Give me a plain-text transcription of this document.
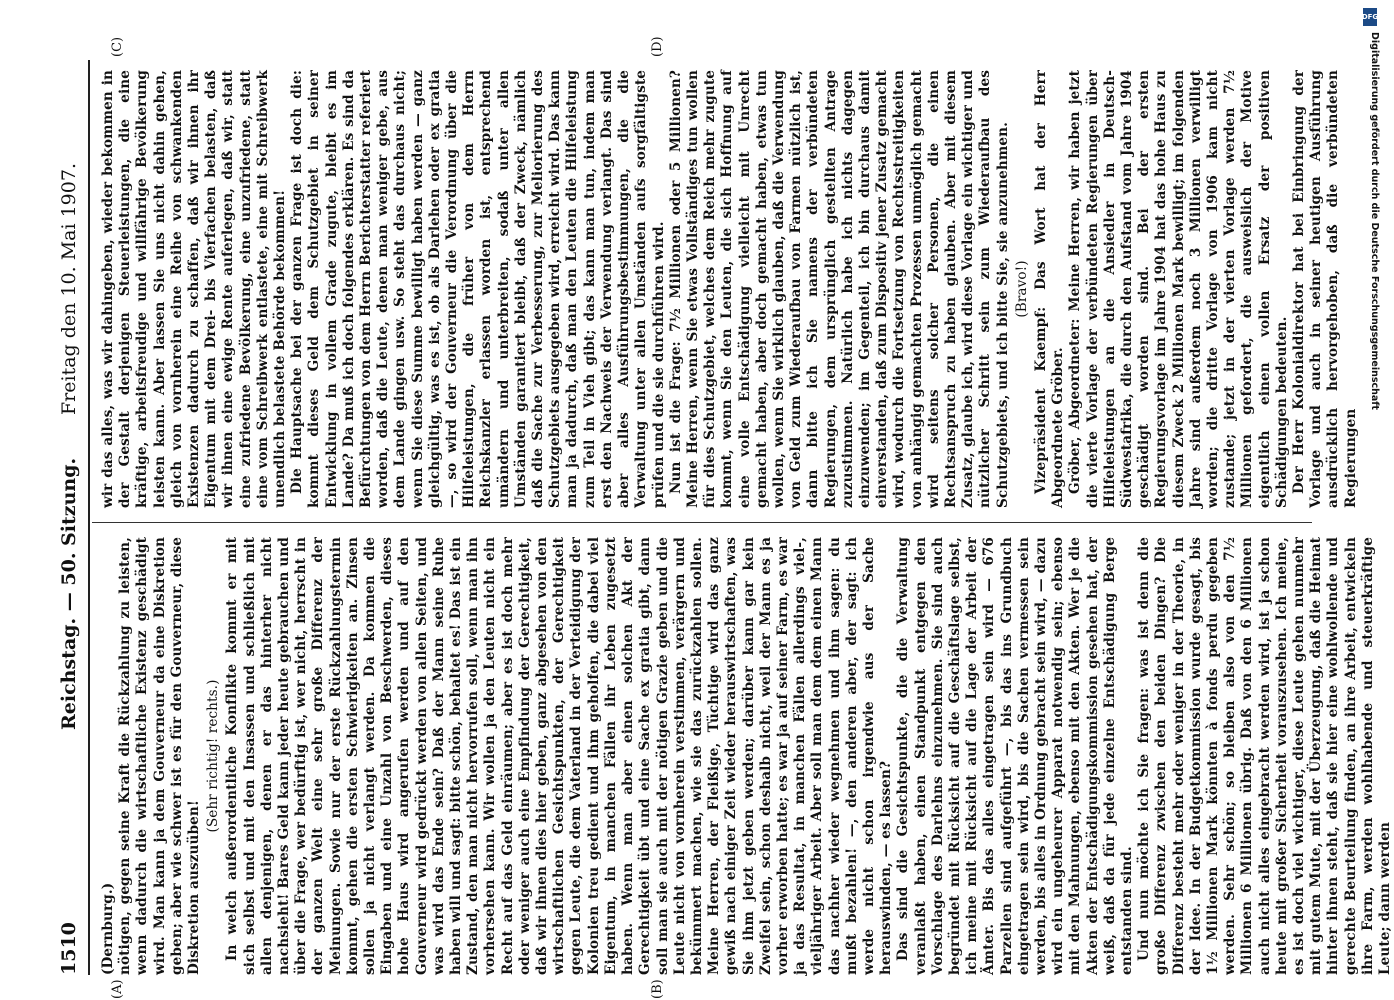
1510
Reichstag. — 50. Sitzung.
Freitag den 10. Mai 1907.
(A)	(B)
(C)	(D)

(Dernburg.) nötigen, gegen seine Kraft die Rückzahlung zu leisten, wenn dadurch die wirtschaftliche Existenz geschädigt wird. Man kann ja dem Gouverneur da eine Diskretion geben; aber wie schwer ist es für den Gouverneur, diese Diskretion auszuüben!

(Sehr richtig! rechts.) In welch außerordentliche Konflikte kommt er mit sich selbst und mit den Insassen und schließlich mit allen denjenigen, denen er das hinterher nicht nachsieht! Bares Geld kann jeder heute gebrauchen und über die Frage, wer bedürftig ist, wer nicht, herrscht in der ganzen Welt eine sehr große Differenz der Meinungen. Sowie nur der erste Rückzahlungstermin kommt, gehen die ersten Schwierigkeiten an. Zinsen sollen ja nicht verlangt werden. Da kommen die Eingaben und eine Unzahl von Beschwerden, dieses hohe Haus wird angerufen werden und auf den Gouverneur wird gedrückt werden von allen Seiten, und was wird das Ende sein? Daß der Mann seine Ruhe haben will und sagt: bitte schön, behaltet es! Das ist ein Zustand, den man nicht hervorrufen soll, wenn man ihn vorhersehen kann. Wir wollen ja den Leuten nicht ein Recht auf das Geld einräumen; aber es ist doch mehr oder weniger auch eine Empfindung der Gerechtigkeit, daß wir ihnen dies hier geben, ganz abgesehen von den wirtschaftlichen Gesichtspunkten, der Gerechtigkeit gegen Leute, die dem Vaterland in der Verteidigung der Kolonien treu gedient und ihm geholfen, die dabei viel Eigentum, in manchen Fällen ihr Leben zugesetzt haben. Wenn man aber einen solchen Akt der Gerechtigkeit übt und eine Sache ex gratia gibt, dann soll man sie auch mit der nötigen Grazie geben und die Leute nicht von vornherein verstimmen, verärgern und bekümmert machen, wie sie das zurückzahlen sollen. Meine Herren, der Fleißige, Tüchtige wird das ganz gewiß nach einiger Zeit wieder herauswirtschaften, was Sie ihm jetzt geben werden; darüber kann gar kein Zweifel sein, schon deshalb nicht, weil der Mann es ja vorher erworben hatte; es war ja auf seiner Farm, es war ja das Resultat, in manchen Fällen allerdings viel-, vieljähriger Arbeit. Aber soll man dem dem einen Mann das nachher wieder wegnehmen und ihm sagen: du mußt bezahlen! —, den anderen aber, der sagt: ich werde nicht schon irgendwie aus der Sache herauswinden, — es lassen? Das sind die Gesichtspunkte, die die Verwaltung veranlaßt haben, einen Standpunkt entgegen den Vorschlage des Darlehns einzunehmen. Sie sind auch begründet mit Rücksicht auf die Geschäftslage selbst, ich meine mit Rücksicht auf die Lage der Arbeit der Ämter. Bis das alles eingetragen sein wird — 676 Parzellen sind aufgeführt —, bis das ins Grundbuch eingetragen sein wird, bis die Sachen vermessen sein werden, bis alles in Ordnung gebracht sein wird, — dazu wird ein ungeheurer Apparat notwendig sein; ebenso mit den Mahnungen, ebenso mit den Akten. Wer je die Akten der Entschädigungskommission gesehen hat, der weiß, daß da für jede einzelne Entschädigung Berge entstanden sind. Und nun möchte ich Sie fragen: was ist denn die große Differenz zwischen den beiden Dingen? Die Differenz besteht mehr oder weniger in der Theorie, in der Idee. In der Budgetkommission wurde gesagt, bis 1½ Millionen Mark könnten à fonds perdu gegeben werden. Sehr schön; so bleiben also von den 7½ Millionen 6 Millionen übrig. Daß von den 6 Millionen auch nicht alles eingebracht werden wird, ist ja schon heute mit großer Sicherheit vorauszusehen. Ich meine, es ist doch viel wichtiger, diese Leute gehen nunmehr mit gutem Mute, mit der Überzeugung, daß die Heimat hinter ihnen steht, daß sie hier eine wohlwollende und gerechte Beurteilung finden, an ihre Arbeit, entwickeln ihre Farm, werden wohlhabende und steuerkräftige Leute; dann werden

wir das alles, was wir dahingeben, wieder bekommen in der Gestalt derjenigen Steuerleistungen, die eine kräftige, arbeitsfreudige und willfährige Bevölkerung leisten kann. Aber lassen Sie uns nicht dahin gehen, gleich von vornherein eine Reihe von schwankenden Existenzen dadurch zu schaffen, daß wir ihnen ihr Eigentum mit dem Drei- bis Vierfachen belasten, daß wir ihnen eine ewige Rente auferlegen, daß wir, statt eine zufriedene Bevölkerung, eine unzufriedene, statt eine vom Schreibwerk entlastete, eine mit Schreibwerk unendlich belastete Behörde bekommen! Die Hauptsache bei der ganzen Frage ist doch die: kommt dieses Geld dem Schutzgebiet in seiner Entwicklung in vollem Grade zugute, bleibt es im Lande? Da muß ich doch folgendes erklären. Es sind da Befürchtungen von dem Herrn Berichterstatter referiert worden, daß die Leute, denen man weniger gebe, aus dem Lande gingen usw. So steht das durchaus nicht; wenn Sie diese Summe bewilligt haben werden — ganz gleichgültig, was es ist, ob als Darlehen oder ex gratia —, so wird der Gouverneur die Verordnung über die Hilfeleistungen, die früher von dem Herrn Reichskanzler erlassen worden ist, entsprechend umändern und unterbreiten, sodaß unter allen Umständen garantiert bleibt, daß der Zweck, nämlich daß die Sache zur Verbesserung, zur Meliorierung des Schutzgebiets ausgegeben wird, erreicht wird. Das kann man ja dadurch, daß man den Leuten die Hilfeleistung zum Teil in Vieh gibt; das kann man tun, indem man erst den Nachweis der Verwendung verlangt. Das sind aber alles Ausführungsbestimmungen, die die Verwaltung unter allen Umständen aufs sorgfältigste prüfen und die sie durchführen wird. Nun ist die Frage: 7½ Millionen oder 5 Millionen? Meine Herren, wenn Sie etwas Vollständiges tun wollen für dies Schutzgebiet, welches dem Reich mehr zugute kommt, wenn Sie den Leuten, die sich Hoffnung auf eine volle Entschädigung vielleicht mit Unrecht gemacht haben, aber doch gemacht haben, etwas tun wollen, wenn Sie wirklich glauben, daß die Verwendung von Geld zum Wiederaufbau von Farmen nützlich ist, dann bitte ich Sie namens der verbündeten Regierungen, dem ursprünglich gestellten Antrage zuzustimmen. Natürlich habe ich nichts dagegen einzuwenden; im Gegenteil, ich bin durchaus damit einverstanden, daß zum Dispositiv jener Zusatz gemacht wird, wodurch die Fortsetzung von Rechtsstreitigkeiten von anhängig gemachten Prozessen unmöglich gemacht wird seitens solcher Personen, die einen Rechtsanspruch zu haben glauben. Aber mit diesem Zusatz, glaube ich, wird diese Vorlage ein wichtiger und nützlicher Schritt sein zum Wiederaufbau des Schutzgebiets, und ich bitte Sie, sie anzunehmen. (Bravo!) Vizepräsident Kaempf: Das Wort hat der Herr Abgeordnete Gröber. Gröber, Abgeordneter: Meine Herren, wir haben jetzt die vierte Vorlage der verbündeten Regierungen über Hilfeleistungen an die Ansiedler in Deutsch-Südwestafrika, die durch den Aufstand vom Jahre 1904 geschädigt worden sind. Bei der ersten Regierungsvorlage im Jahre 1904 hat das hohe Haus zu diesem Zweck 2 Millionen Mark bewilligt; im folgenden Jahre sind außerdem noch 3 Millionen verwilligt worden; die dritte Vorlage von 1906 kam nicht zustande; jetzt in der vierten Vorlage werden 7½ Millionen gefordert, die ausweislich der Motive eigentlich einen vollen Ersatz der positiven Schädigungen bedeuten. Der Herr Kolonialdirektor hat bei Einbringung der Vorlage und auch in seiner heutigen Ausführung ausdrücklich hervorgehoben, daß die verbündeten Regierungen

DFG
Digitalisierung gefördert durch die Deutsche Forschungsgemeinschaft
